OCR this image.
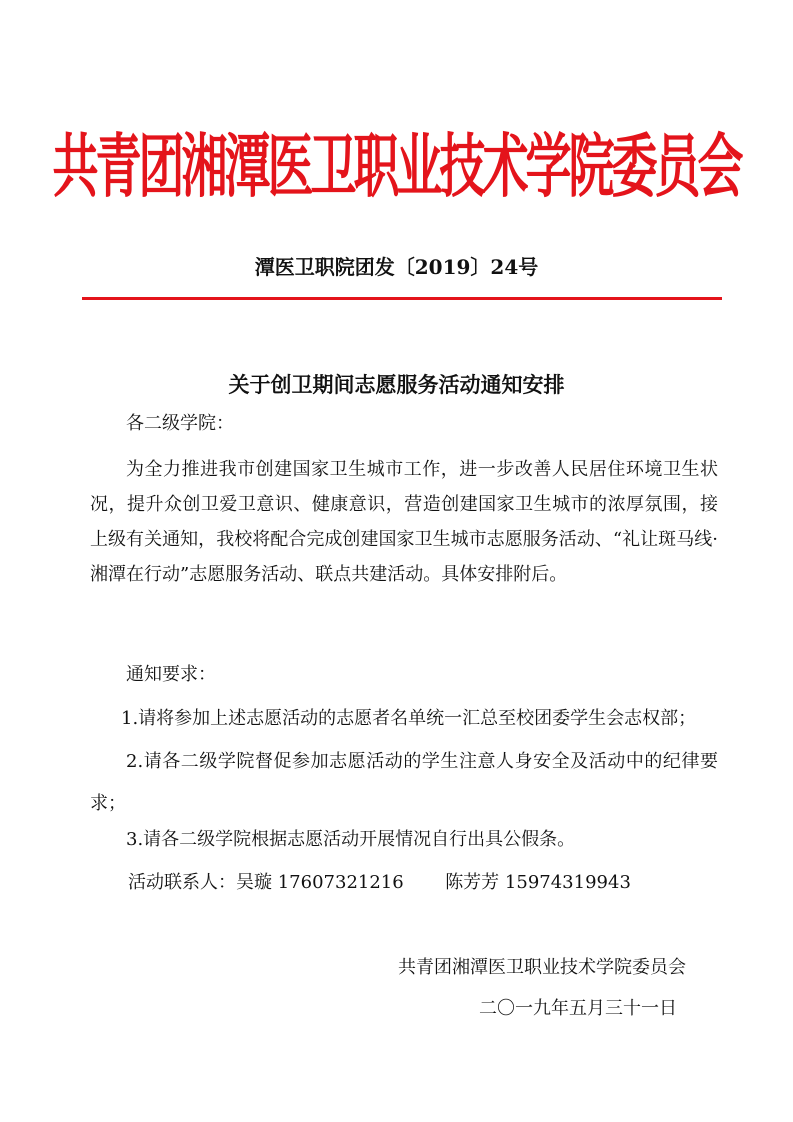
共青团湘潭医卫职业技术学院委员会
潭医卫职院团发〔2019〕24号
关于创卫期间志愿服务活动通知安排
各二级学院：
为全力推进我市创建国家卫生城市工作，进一步改善人民居住环境卫生状况，提升众创卫爱卫意识、健康意识，营造创建国家卫生城市的浓厚氛围，接上级有关通知，我校将配合完成创建国家卫生城市志愿服务活动、“礼让斑马线·湘潭在行动”志愿服务活动、联点共建活动。具体安排附后。
通知要求：
1.请将参加上述志愿活动的志愿者名单统一汇总至校团委学生会志权部；
2.请各二级学院督促参加志愿活动的学生注意人身安全及活动中的纪律要求；
3.请各二级学院根据志愿活动开展情况自行出具公假条。
活动联系人：吴璇 17607321216 陈芳芳 15974319943
共青团湘潭医卫职业技术学院委员会
二〇一九年五月三十一日
